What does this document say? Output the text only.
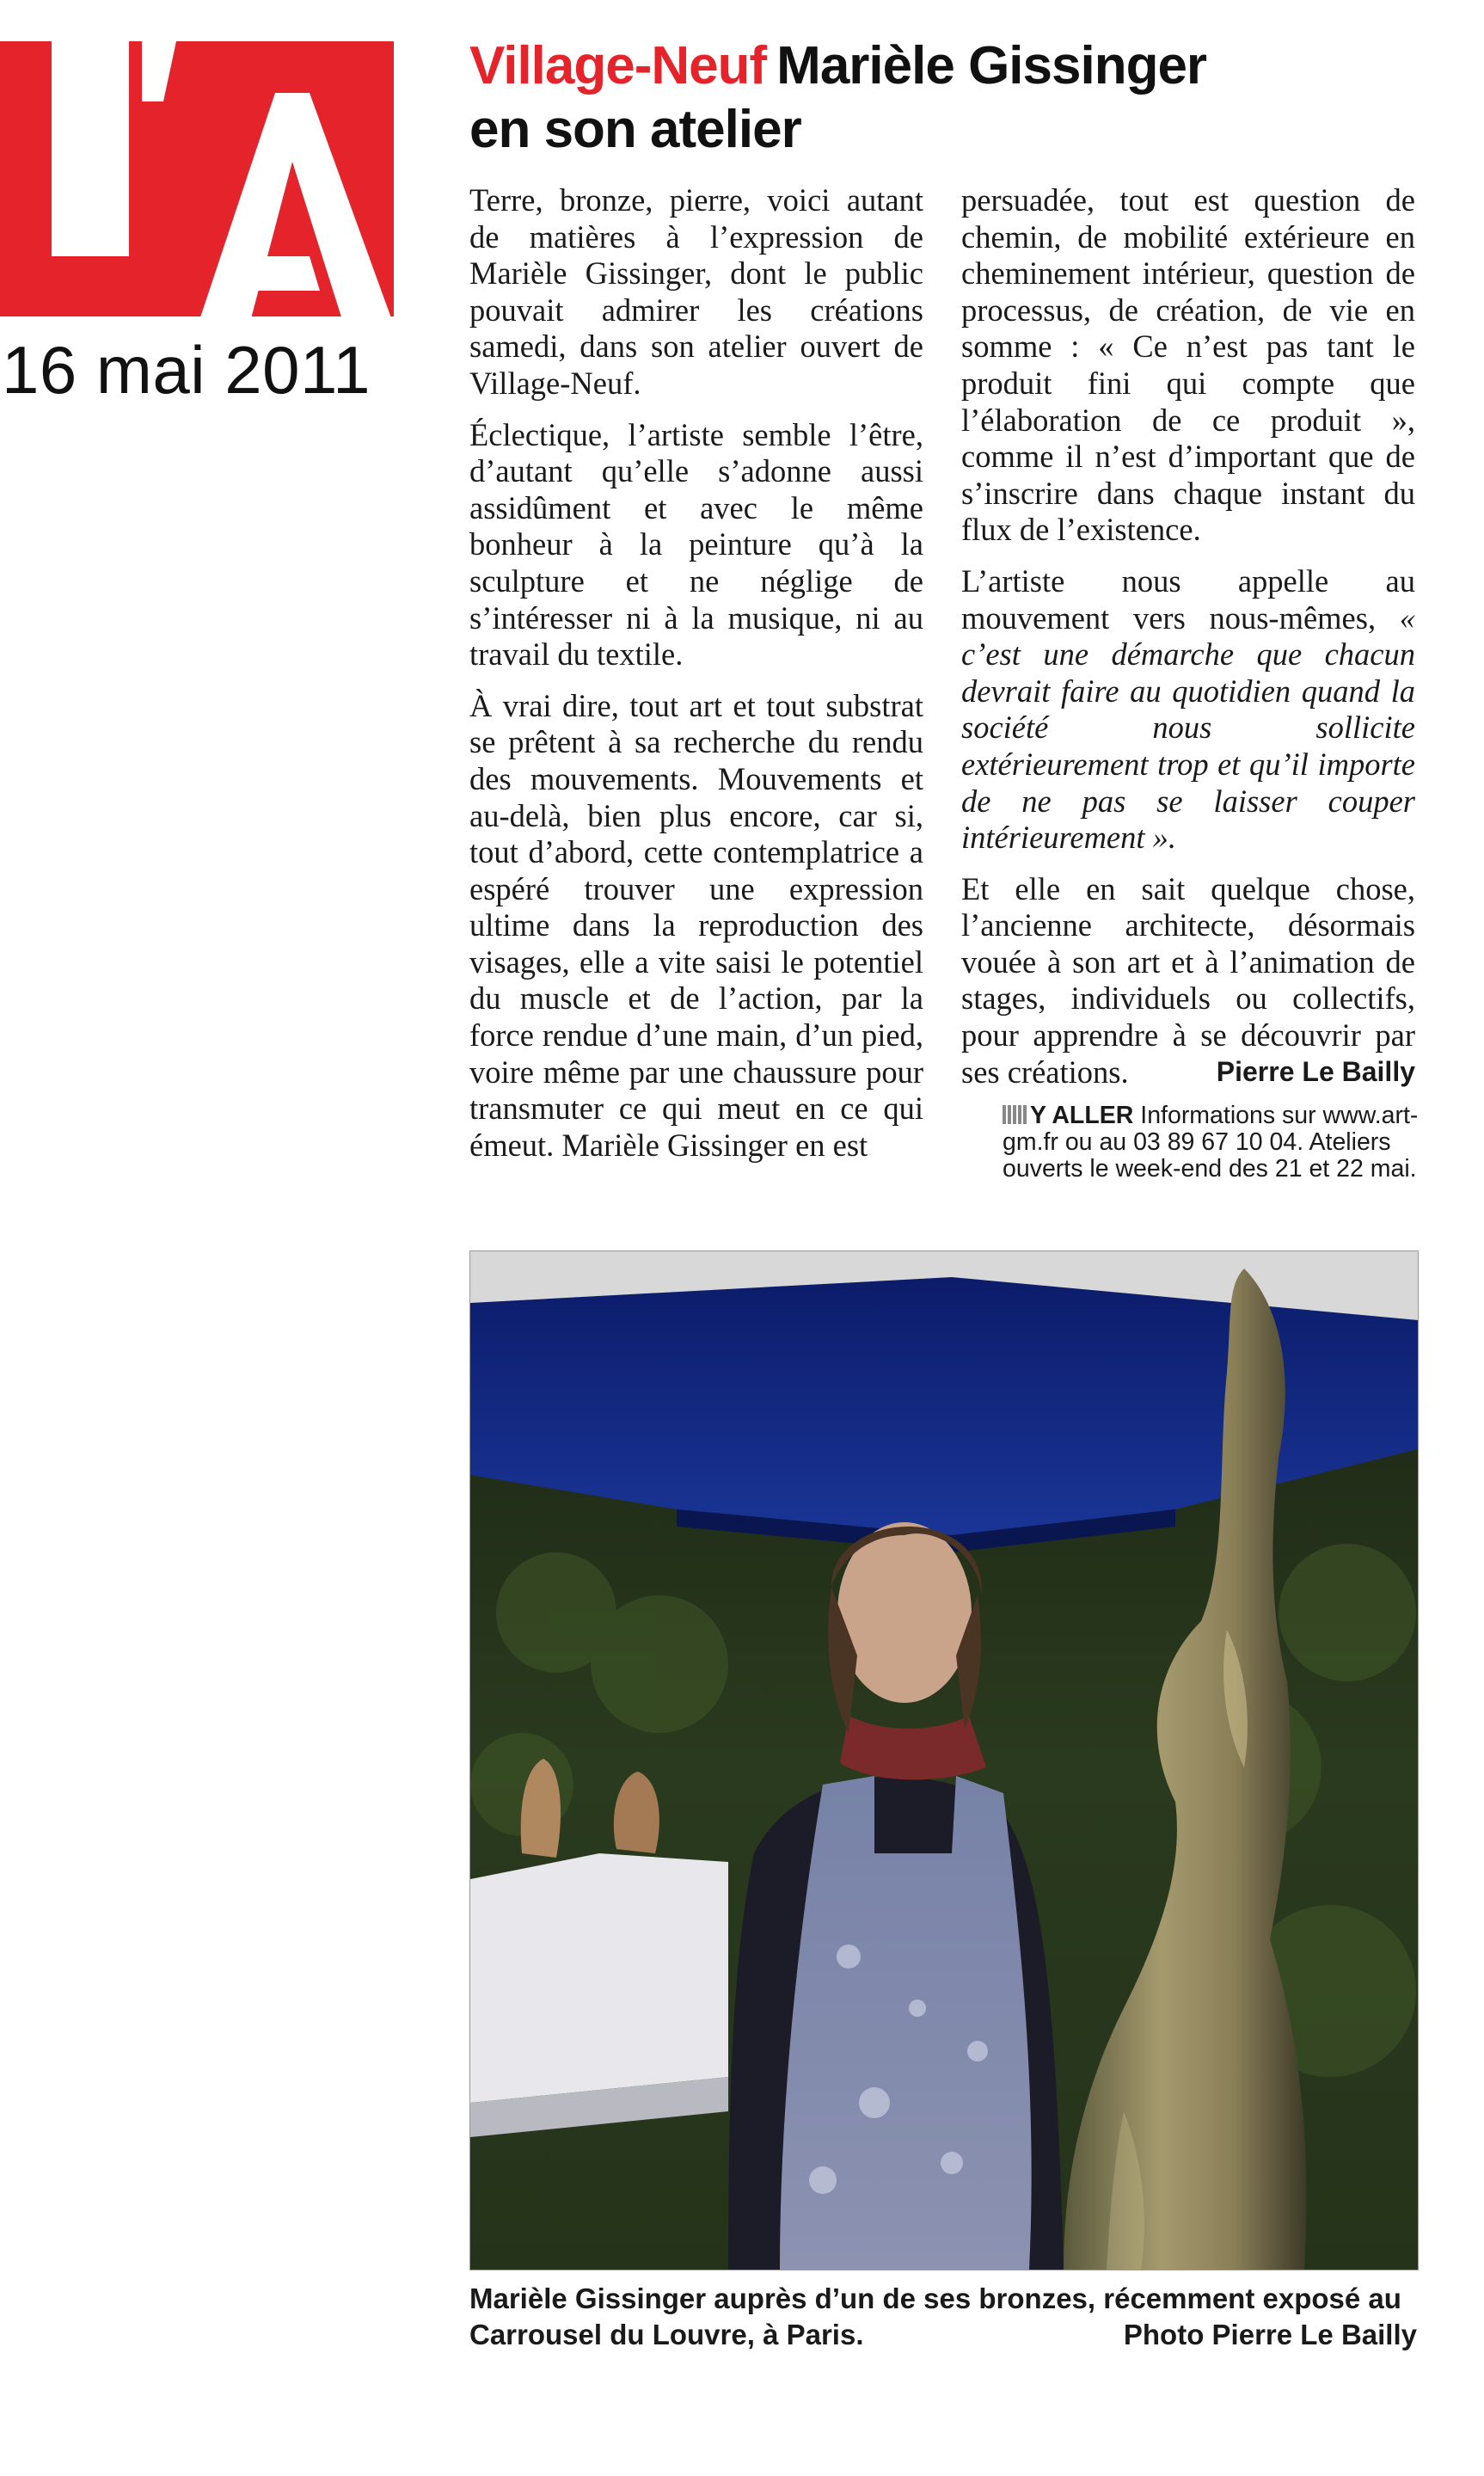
16 mai 2011
Village-Neuf Marièle Gissinger
en son atelier

Terre, bronze, pierre, voici autant de matières à l’expression de Marièle Gissinger, dont le public pouvait admirer les créations samedi, dans son atelier ouvert de Village-Neuf.

Éclectique, l’artiste semble l’être, d’autant qu’elle s’adonne aussi assidûment et avec le même bonheur à la peinture qu’à la sculpture et ne néglige de s’intéresser ni à la musique, ni au travail du textile.

À vrai dire, tout art et tout substrat se prêtent à sa recherche du rendu des mouvements. Mouvements et au-delà, bien plus encore, car si, tout d’abord, cette contemplatrice a espéré trouver une expression ultime dans la reproduction des visages, elle a vite saisi le potentiel du muscle et de l’action, par la force rendue d’une main, d’un pied, voire même par une chaussure pour transmuter ce qui meut en ce qui émeut. Marièle Gissinger en est

persuadée, tout est question de chemin, de mobilité extérieure en cheminement intérieur, question de processus, de création, de vie en somme : « Ce n’est pas tant le produit fini qui compte que l’élaboration de ce produit », comme il n’est d’important que de s’inscrire dans chaque instant du flux de l’existence.

L’artiste nous appelle au mouvement vers nous-mêmes, « c’est une démarche que chacun devrait faire au quotidien quand la société nous sollicite extérieurement trop et qu’il importe de ne pas se laisser couper intérieurement ».

Et elle en sait quelque chose, l’ancienne architecte, désormais vouée à son art et à l’animation de stages, individuels ou collectifs, pour apprendre à se découvrir par ses créations.	Pierre Le Bailly
Y ALLER Informations sur www.art-gm.fr ou au 03 89 67 10 04. Ateliers ouverts le week-end des 21 et 22 mai.
Marièle Gissinger auprès d’un de ses bronzes, récemment exposé au
Carrousel du Louvre, à Paris.	Photo Pierre Le Bailly
